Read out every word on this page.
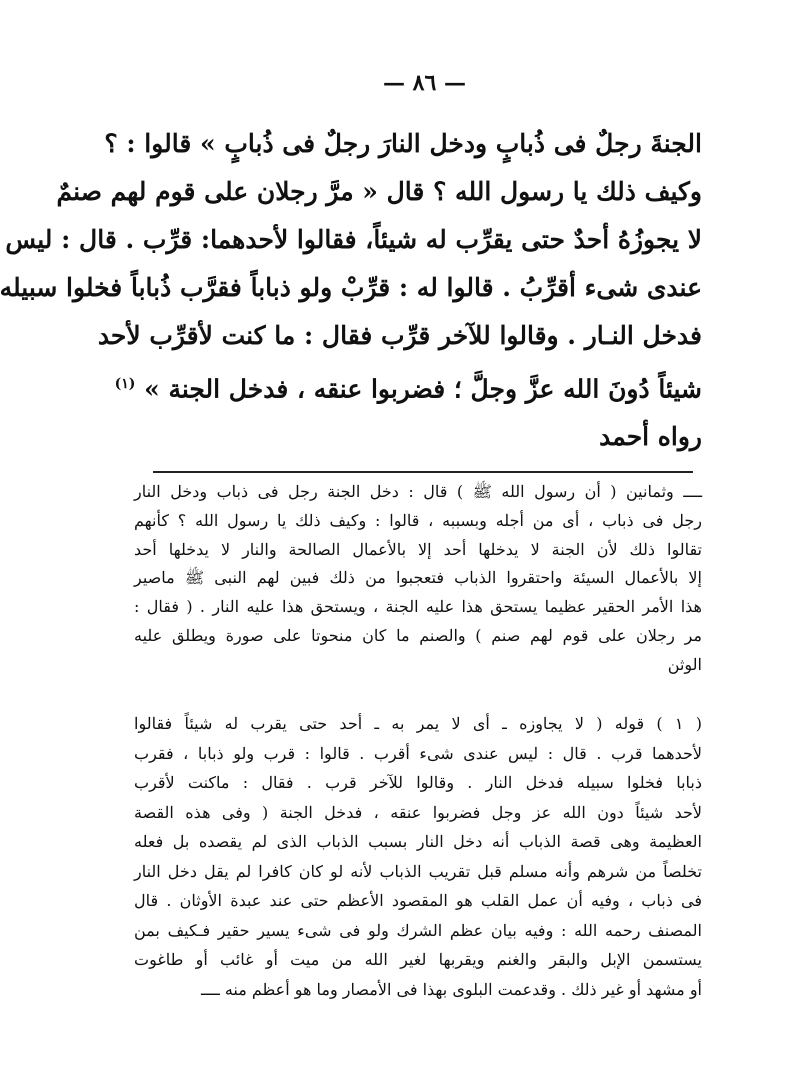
— ٨٦ —
الجنةَ رجلٌ فى ذُبابٍ ودخل النارَ رجلٌ فى ذُبابٍ » قالوا : ؟
وكيف ذلك يا رسول الله ؟ قال « مرَّ رجلان على قوم لهم صنمٌ
لا يجوزُهُ أحدٌ حتى يقرِّب له شيئاً، فقالوا لأحدهما: قرِّب . قال : ليس
عندى شىء أقرِّبُ . قالوا له : قرِّبْ ولو ذباباً فقرَّب ذُباباً فخلوا سبيله
فدخل النـار . وقالوا للآخر قرِّب فقال : ما كنت لأقرِّب لأحد
شيئاً دُونَ الله عزَّ وجلَّ ؛ فضربوا عنقه ، فدخل الجنة » $^{(١)}$
رواه أحمد
ــــ وثمانين ( أن رسول الله ﷺ ) قال : دخل الجنة رجل فى ذباب ودخل النار
رجل فى ذباب ، أى من أجله وبسببه ، قالوا : وكيف ذلك يا رسول الله ؟ كأنهم
تقالوا ذلك لأن الجنة لا يدخلها أحد إلا بالأعمال الصالحة والنار لا يدخلها أحد
إلا بالأعمال السيئة واحتقروا الذباب فتعجبوا من ذلك فبين لهم النبى ﷺ ماصير
هذا الأمر الحقير عظيما يستحق هذا عليه الجنة ، ويستحق هذا عليه النار . ( فقال :
مر رجلان على قوم لهم صنم ) والصنم ما كان منحوتا على صورة ويطلق عليه
الوثن
( ١ ) قوله ( لا يجاوزه ـ أى لا يمر به ـ أحد حتى يقرب له شيئاً فقالوا
لأحدهما قرب . قال : ليس عندى شىء أقرب . قالوا : قرب ولو ذبابا ، فقرب
ذبابا فخلوا سبيله فدخل النار . وقالوا للآخر قرب . فقال : ماكنت لأقرب
لأحد شيئاً دون الله عز وجل فضربوا عنقه ، فدخل الجنة ( وفى هذه القصة
العظيمة وهى قصة الذباب أنه دخل النار بسبب الذباب الذى لم يقصده بل فعله
تخلصاً من شرهم وأنه مسلم قبل تقريب الذباب لأنه لو كان كافرا لم يقل دخل النار
فى ذباب ، وفيه أن عمل القلب هو المقصود الأعظم حتى عند عبدة الأوثان . قال
المصنف رحمه الله : وفيه بيان عظم الشرك ولو فى شىء يسير حقير فـكيف بمن
يستسمن الإبل والبقر والغنم ويقربها لغير الله من ميت أو غائب أو طاغوت
أو مشهد أو غير ذلك . وقدعمت البلوى بهذا فى الأمصار وما هو أعظم منه ــــ
